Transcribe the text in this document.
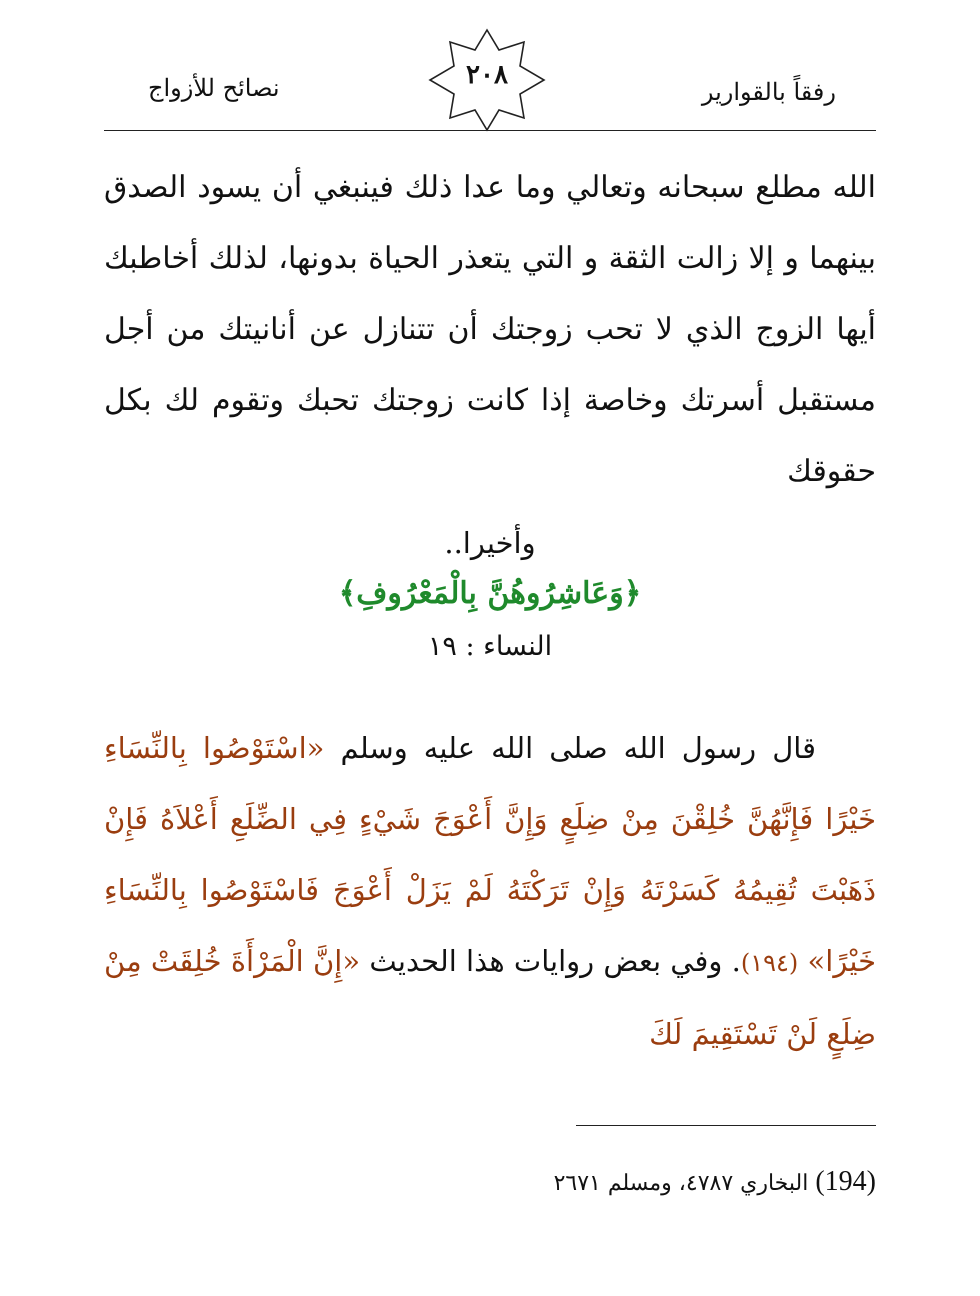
رفقاً بالقوارير
٢٠٨
نصائح للأزواج
الله مطلع سبحانه وتعالي وما عدا ذلك فينبغي أن يسود الصدق بينهما و إلا زالت الثقة و التي يتعذر الحياة بدونها، لذلك أخاطبك أيها الزوج الذي لا تحب زوجتك أن تتنازل عن أنانيتك من أجل مستقبل أسرتك وخاصة إذا كانت زوجتك تحبك وتقوم لك بكل حقوقك
وأخيرا..
﴿وَعَاشِرُوهُنَّ بِالْمَعْرُوفِ﴾
النساء : ١٩
قال رسول الله صلى الله عليه وسلم «اسْتَوْصُوا بِالنِّسَاءِ خَيْرًا فَإِنَّهُنَّ خُلِقْنَ مِنْ ضِلَعٍ وَإِنَّ أَعْوَجَ شَيْءٍ فِي الضِّلَعِ أَعْلاَهُ فَإِنْ ذَهَبْتَ تُقِيمُهُ كَسَرْتَهُ وَإِنْ تَرَكْتَهُ لَمْ يَزَلْ أَعْوَجَ فَاسْتَوْصُوا بِالنِّسَاءِ خَيْرًا» (١٩٤). وفي بعض روايات هذا الحديث «إِنَّ الْمَرْأَةَ خُلِقَتْ مِنْ ضِلَعٍ لَنْ تَسْتَقِيمَ لَكَ
(194) البخاري ٤٧٨٧، ومسلم ٢٦٧١
